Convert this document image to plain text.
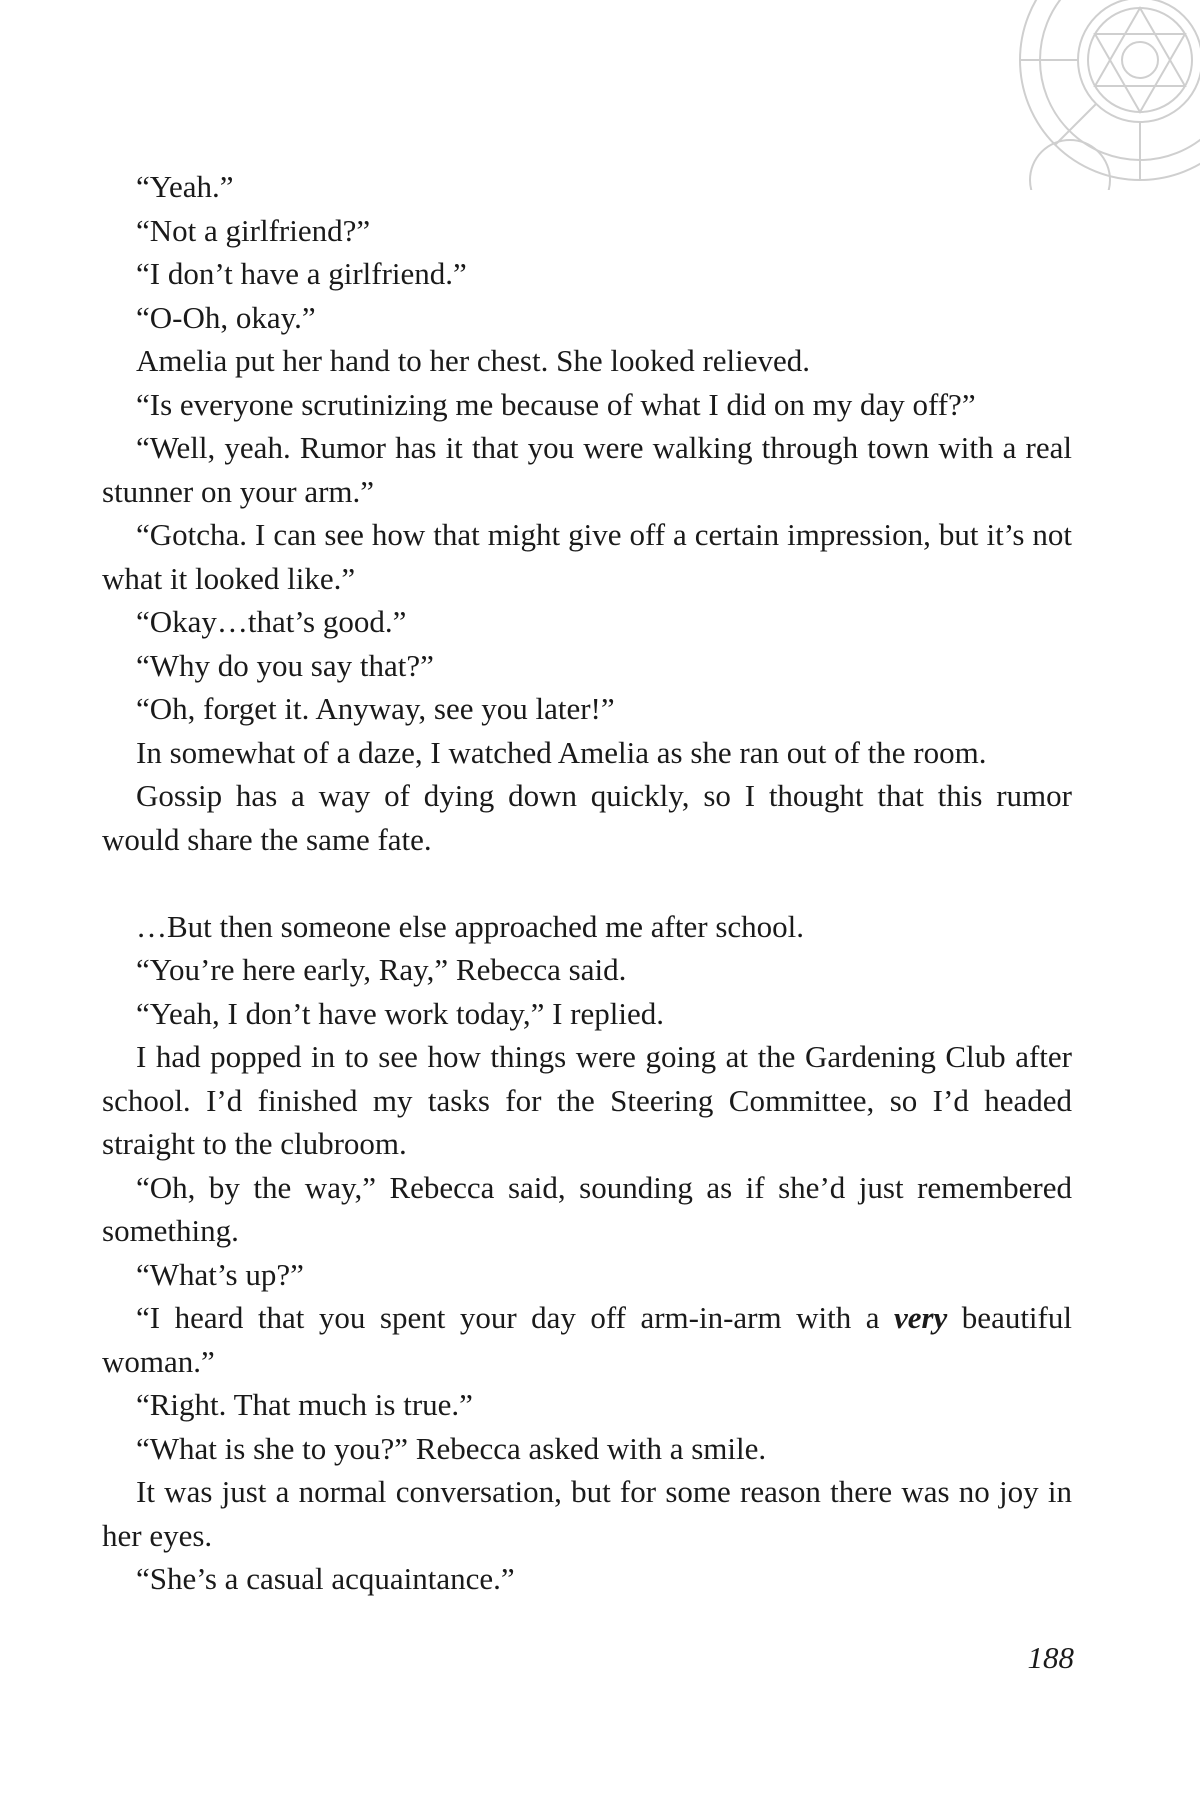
“Yeah.”

“Not a girlfriend?”

“I don’t have a girlfriend.”

“O-Oh, okay.”

Amelia put her hand to her chest. She looked relieved.

“Is everyone scrutinizing me because of what I did on my day off?”

“Well, yeah. Rumor has it that you were walking through town with a real stunner on your arm.”

“Gotcha. I can see how that might give off a certain impression, but it’s not what it looked like.”

“Okay…that’s good.”

“Why do you say that?”

“Oh, forget it. Anyway, see you later!”

In somewhat of a daze, I watched Amelia as she ran out of the room.

Gossip has a way of dying down quickly, so I thought that this rumor would share the same fate.

…But then someone else approached me after school.

“You’re here early, Ray,” Rebecca said.

“Yeah, I don’t have work today,” I replied.

I had popped in to see how things were going at the Gardening Club after school. I’d finished my tasks for the Steering Committee, so I’d headed straight to the clubroom.

“Oh, by the way,” Rebecca said, sounding as if she’d just remembered something.

“What’s up?”

“I heard that you spent your day off arm-in-arm with a very beautiful woman.”

“Right. That much is true.”

“What is she to you?” Rebecca asked with a smile.

It was just a normal conversation, but for some reason there was no joy in her eyes.

“She’s a casual acquaintance.”

188
